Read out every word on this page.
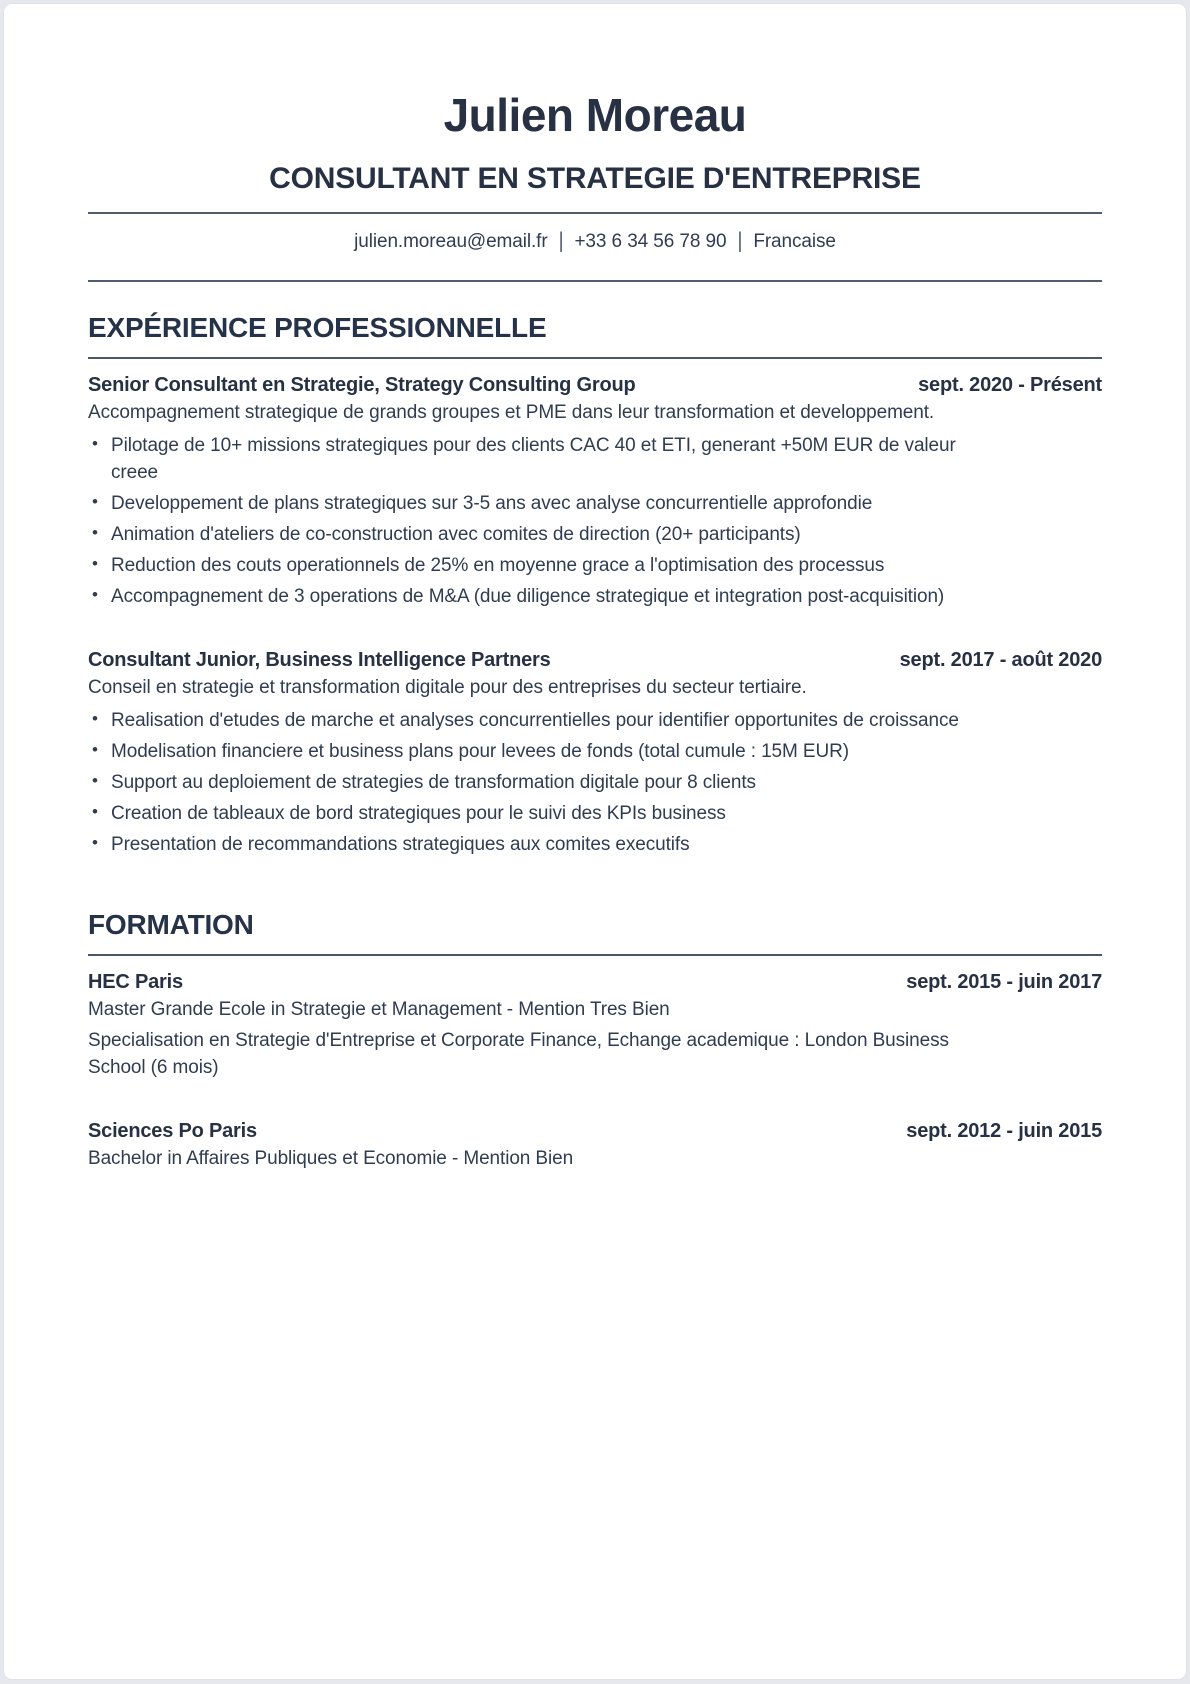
Julien Moreau
CONSULTANT EN STRATEGIE D'ENTREPRISE
julien.moreau@email.fr | +33 6 34 56 78 90 | Francaise
EXPÉRIENCE PROFESSIONNELLE
Senior Consultant en Strategie, Strategy Consulting Group	sept. 2020 - Présent

Accompagnement strategique de grands groupes et PME dans leur transformation et developpement.

• Pilotage de 10+ missions strategiques pour des clients CAC 40 et ETI, generant +50M EUR de valeur creee
• Developpement de plans strategiques sur 3-5 ans avec analyse concurrentielle approfondie
• Animation d'ateliers de co-construction avec comites de direction (20+ participants)
• Reduction des couts operationnels de 25% en moyenne grace a l'optimisation des processus
• Accompagnement de 3 operations de M&A (due diligence strategique et integration post-acquisition)
Consultant Junior, Business Intelligence Partners	sept. 2017 - août 2020

Conseil en strategie et transformation digitale pour des entreprises du secteur tertiaire.

• Realisation d'etudes de marche et analyses concurrentielles pour identifier opportunites de croissance
• Modelisation financiere et business plans pour levees de fonds (total cumule : 15M EUR)
• Support au deploiement de strategies de transformation digitale pour 8 clients
• Creation de tableaux de bord strategiques pour le suivi des KPIs business
• Presentation de recommandations strategiques aux comites executifs
FORMATION
HEC Paris	sept. 2015 - juin 2017

Master Grande Ecole in Strategie et Management - Mention Tres Bien

Specialisation en Strategie d'Entreprise et Corporate Finance, Echange academique : London Business School (6 mois)

Sciences Po Paris	sept. 2012 - juin 2015

Bachelor in Affaires Publiques et Economie - Mention Bien
